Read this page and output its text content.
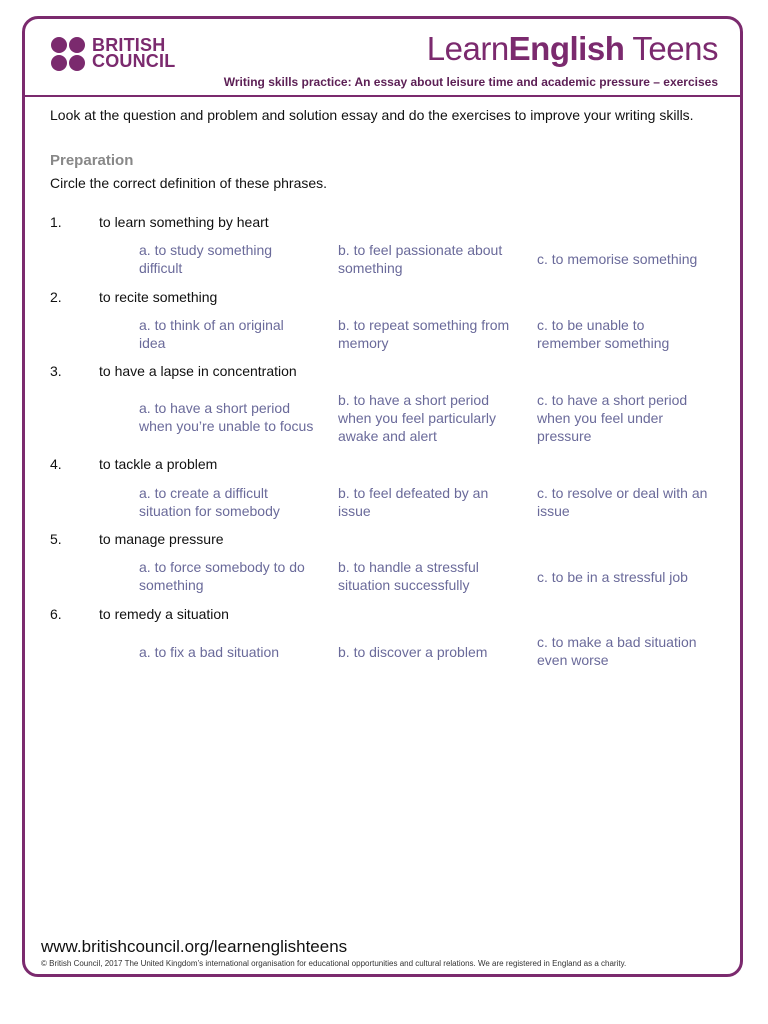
BRITISH
COUNCIL	LearnEnglish Teens
Writing skills practice: An essay about leisure time and academic pressure – exercises
Look at the question and problem and solution essay and do the exercises to improve your writing skills.
Preparation
Circle the correct definition of these phrases.
1.	to learn something by heart
a. to study something difficult
b. to feel passionate about something
c. to memorise something
2.	to recite something
a. to think of an original idea
b. to repeat something from memory
c. to be unable to remember something
3.	to have a lapse in concentration
a. to have a short period when you’re unable to focus
b. to have a short period when you feel particularly awake and alert
c. to have a short period when you feel under pressure
4.	to tackle a problem
a. to create a difficult situation for somebody
b. to feel defeated by an issue
c. to resolve or deal with an issue
5.	to manage pressure
a. to force somebody to do something
b. to handle a stressful situation successfully	c. to be in a stressful job
6.	to remedy a situation
a. to fix a bad situation	b. to discover a problem
c. to make a bad situation even worse
www.britishcouncil.org/learnenglishteens
© British Council, 2017 The United Kingdom’s international organisation for educational opportunities and cultural relations. We are registered in England as a charity.
